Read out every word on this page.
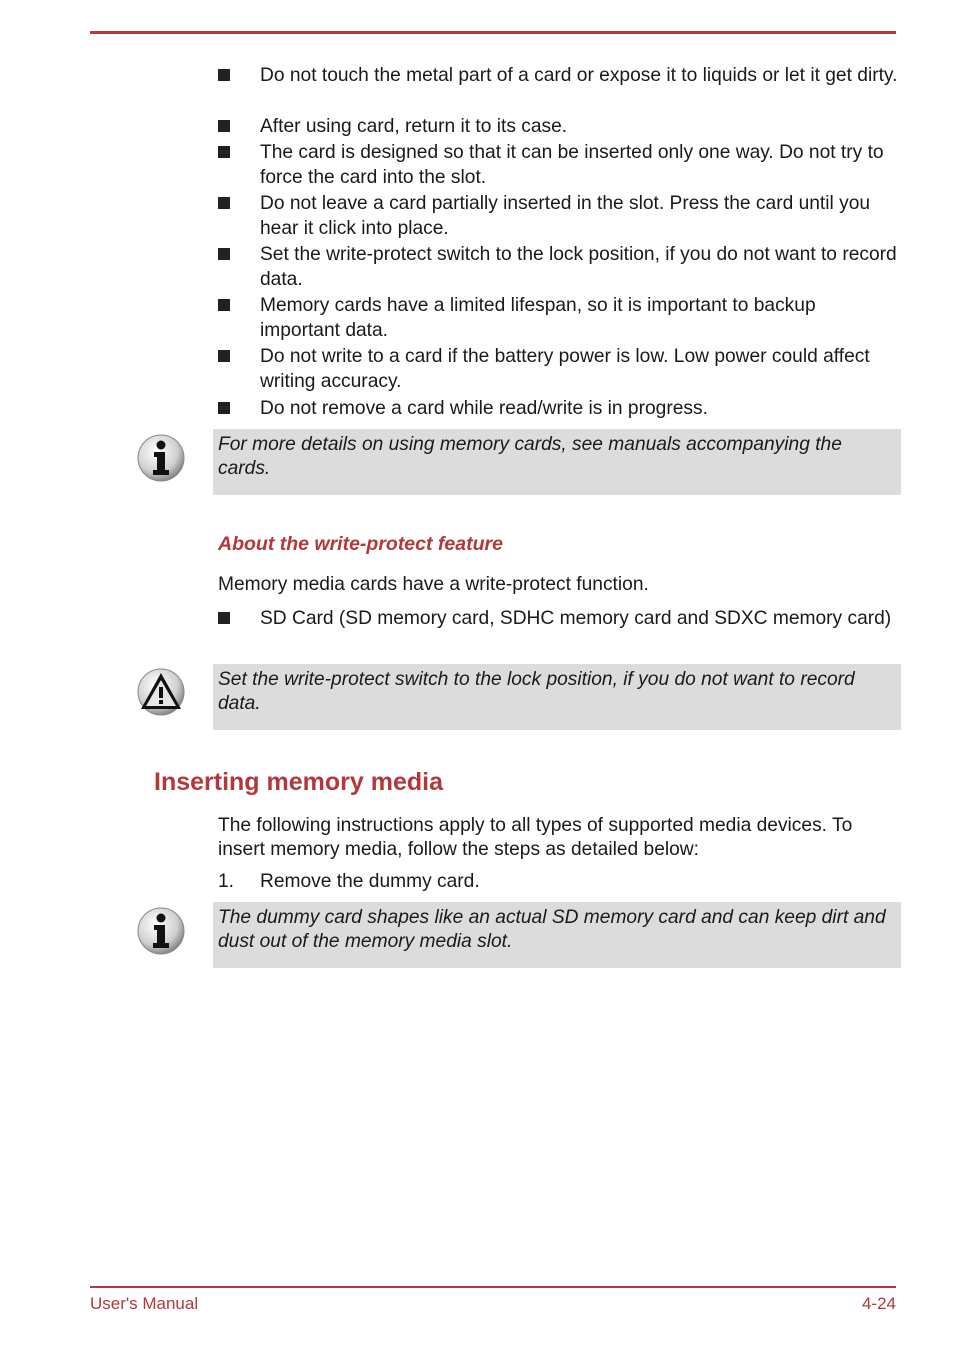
Do not touch the metal part of a card or expose it to liquids or let it get dirty.
After using card, return it to its case.
The card is designed so that it can be inserted only one way. Do not try to force the card into the slot.
Do not leave a card partially inserted in the slot. Press the card until you hear it click into place.
Set the write-protect switch to the lock position, if you do not want to record data.
Memory cards have a limited lifespan, so it is important to backup important data.
Do not write to a card if the battery power is low. Low power could affect writing accuracy.
Do not remove a card while read/write is in progress.
For more details on using memory cards, see manuals accompanying the cards.
About the write-protect feature
Memory media cards have a write-protect function.
SD Card (SD memory card, SDHC memory card and SDXC memory card)
Set the write-protect switch to the lock position, if you do not want to record data.
Inserting memory media
The following instructions apply to all types of supported media devices. To insert memory media, follow the steps as detailed below:
1. Remove the dummy card.
The dummy card shapes like an actual SD memory card and can keep dirt and dust out of the memory media slot.
User's Manual	4-24
